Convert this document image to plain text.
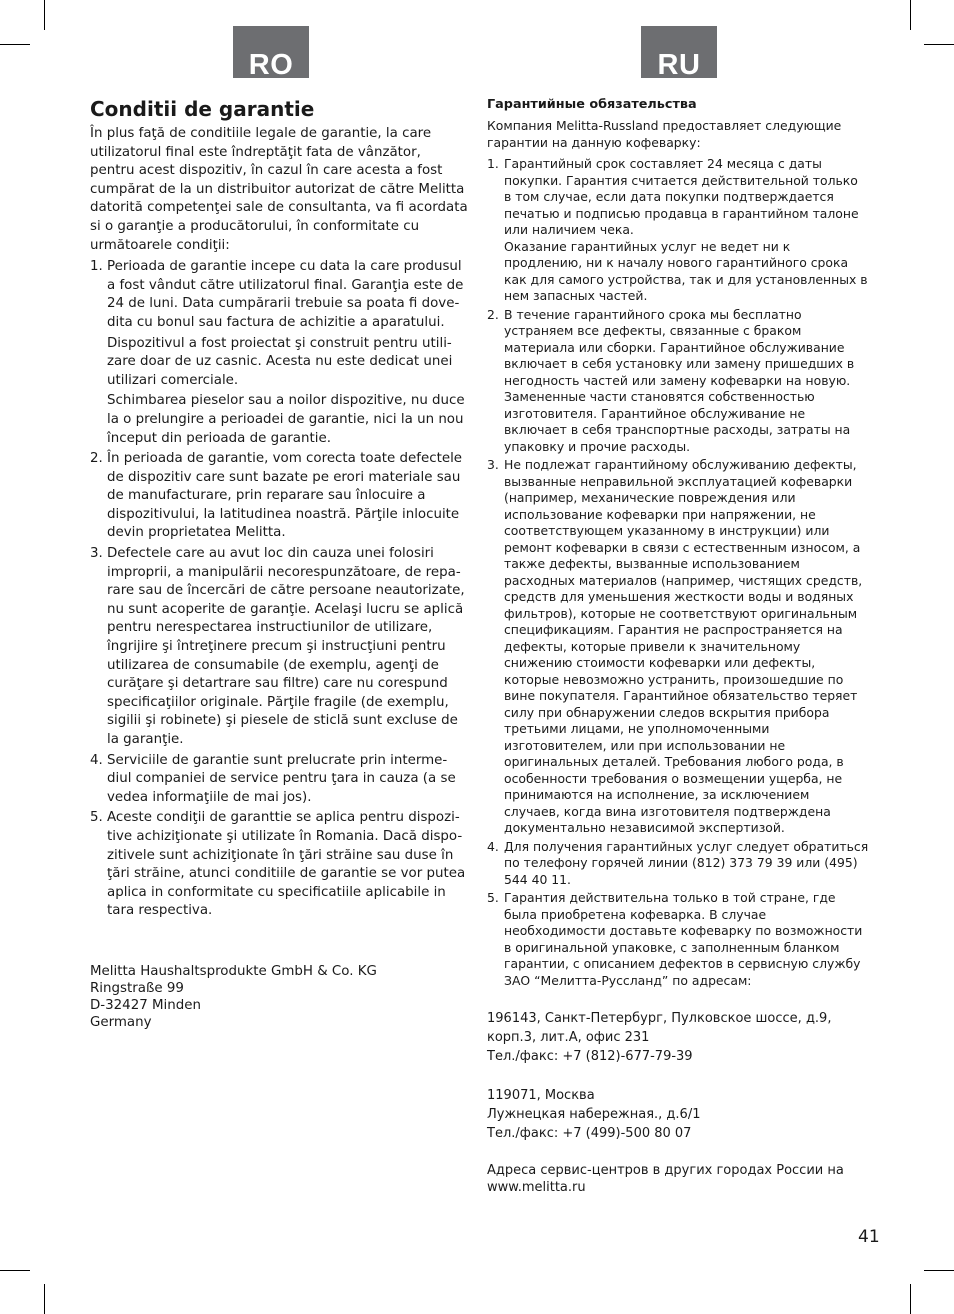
RO	RU
Conditii de garantie

În plus faţă de conditiile legale de garantie, la care utilizatorul final este îndreptăţit fata de vânzător, pentru acest dispozitiv, în cazul în care acesta a fost cumpărat de la un distribuitor autorizat de către Melitta datorită competenţei sale de consultanta, va fi acordata si o garanţie a producătorului, în conformitate cu următoarele condiţii:

1. Perioada de garantie incepe cu data la care produsul a fost vândut către utilizatorul final. Garanţia este de 24 de luni. Data cumpărarii trebuie sa poata fi dove- dita cu bonul sau factura de achizitie a aparatului.
Dispozitivul a fost proiectat şi construit pentru utili- zare doar de uz casnic. Acesta nu este dedicat unei utilizari comerciale.
Schimbarea pieselor sau a noilor dispozitive, nu duce la o prelungire a perioadei de garantie, nici la un nou început din perioada de garantie.
2. În perioada de garantie, vom corecta toate defectele de dispozitiv care sunt bazate pe erori materiale sau de manufacturare, prin reparare sau înlocuire a dispozitivului, la latitudinea noastră. Părţile inlocuite devin proprietatea Melitta.
3. Defectele care au avut loc din cauza unei folosiri improprii, a manipulării necorespunzătoare, de repa- rare sau de încercări de către persoane neautorizate, nu sunt acoperite de garanţie. Acelaşi lucru se aplică pentru nerespectarea instructiunilor de utilizare, îngrijire şi întreţinere precum şi instrucţiuni pentru utilizarea de consumabile (de exemplu, agenţi de curăţare şi detartrare sau filtre) care nu corespund specificaţiilor originale. Părţile fragile (de exemplu, sigilii şi robinete) şi piesele de sticlă sunt excluse de la garanţie.
4. Serviciile de garantie sunt prelucrate prin interme- diul companiei de service pentru ţara in cauza (a se vedea informaţiile de mai jos).
5. Aceste condiţii de garanttie se aplica pentru dispozi- tive achiziţionate şi utilizate în Romania. Dacă dispo- zitivele sunt achiziţionate în ţări străine sau duse în ţări străine, atunci conditiile de garantie se vor putea aplica in conformitate cu specificatiile aplicabile in tara respectiva.
Melitta Haushaltsprodukte GmbH & Co. KG
Ringstraße 99
D-32427 Minden
Germany
Гарантийные обязательства

Компания Melitta-Russland предоставляет следующие гарантии на данную кофеварку:

1. Гарантийный срок составляет 24 месяца с даты покупки. Гарантия считается действительной только в том случае, если дата покупки подтверждается печатью и подписью продавца в гарантийном талоне или наличием чека.
Оказание гарантийных услуг не ведет ни к продлению, ни к началу нового гарантийного срока как для самого устройства, так и для установленных в нем запасных частей.
2. В течение гарантийного срока мы бесплатно устраняем все дефекты, связанные с браком материала или сборки. Гарантийное обслуживание включает в себя установку или замену пришедших в негодность частей или замену кофеварки на новую. Замененные части становятся собственностью изготовителя. Гарантийное обслуживание не включает в себя транспортные расходы, затраты на упаковку и прочие расходы.
3. Не подлежат гарантийному обслуживанию дефекты, вызванные неправильной эксплуатацией кофеварки (например, механические повреждения или использование кофеварки при напряжении, не соответствующем указанному в инструкции) или ремонт кофеварки в связи с естественным износом, а также дефекты, вызванные использованием расходных материалов (например, чистящих средств, средств для уменьшения жесткости воды и водяных фильтров), которые не соответствуют оригинальным спецификациям. Гарантия не распространяется на дефекты, которые привели к значительному снижению стоимости кофеварки или дефекты, которые невозможно устранить, произошедшие по вине покупателя. Гарантийное обязательство теряет силу при обнаружении следов вскрытия прибора третьими лицами, не уполномоченными изготовителем, или при использовании не оригинальных деталей. Требования любого рода, в особенности требования о возмещении ущерба, не принимаются на исполнение, за исключением случаев, когда вина изготовителя подтверждена документально независимой экспертизой.
4. Для получения гарантийных услуг следует обратиться по телефону горячей линии (812) 373 79 39 или (495) 544 40 11.
5. Гарантия действительна только в той стране, где была приобретена кофеварка. В случае необходимости доставьте кофеварку по возможности в оригинальной упаковке, с заполненным бланком гарантии, с описанием дефектов в сервисную службу ЗАО “Мелитта-Руссланд” по адресам:
196143, Санкт-Петербург, Пулковское шоссе, д.9,
корп.3, лит.А, офис 231
Тел./факс: +7 (812)-677-79-39
119071, Москва
Лужнецкая набережная., д.6/1
Тел./факс: +7 (499)-500 80 07

Адреса сервис-центров в других городах России на www.melitta.ru

41
